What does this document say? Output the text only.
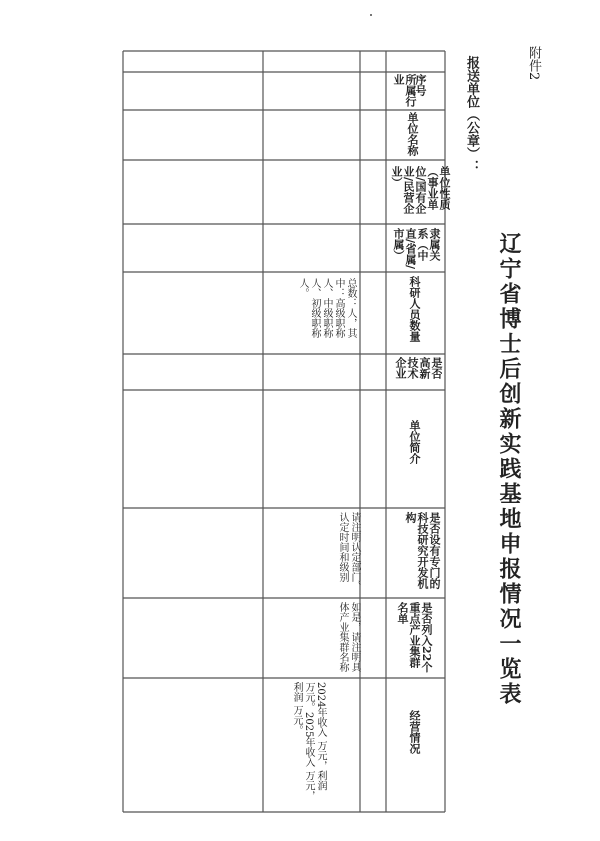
附件2
辽宁省博士后创新实践基地申报情况一览表
报送单位（公章）：
序号
所属行业
单位名称
单位性质（事业单位/国有企业/民营企业）
隶属关系（中直/省属/市属）
科研人员数量
是否高新技术企业
单位简介
是否设有专门的科技研究开发机构
是否列入22个重点产业集群名单
经营情况
总数：人，其中：高级职称人、中级职称人、初级职称人。
请注明认定部门、认定时间和级别
如是，请注明具体产业集群名称
2024年收入 万元，利润 万元。2025年收入 万元，利润 万元。
